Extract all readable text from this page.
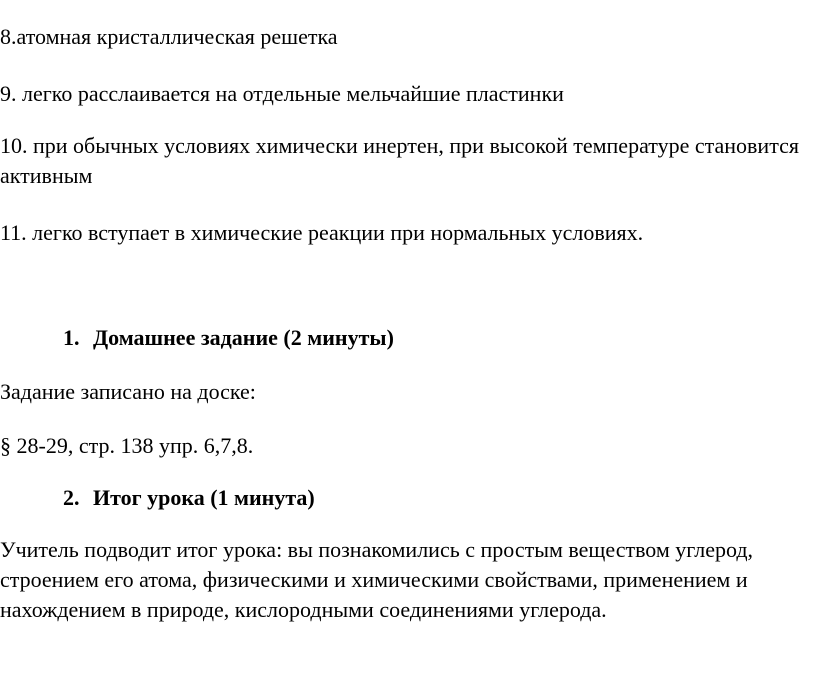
8.атомная кристаллическая решетка

9. легко расслаивается на отдельные мельчайшие пластинки

10. при обычных условиях химически инертен, при высокой температуре становится активным

11. легко вступает в химические реакции при нормальных условиях.

1. Домашнее задание (2 минуты)

Задание записано на доске:

§ 28-29, стр. 138 упр. 6,7,8.

2. Итог урока (1 минута)

Учитель подводит итог урока: вы познакомились с простым веществом углерод, строением его атома, физическими и химическими свойствами, применением и нахождением в природе, кислородными соединениями углерода.
